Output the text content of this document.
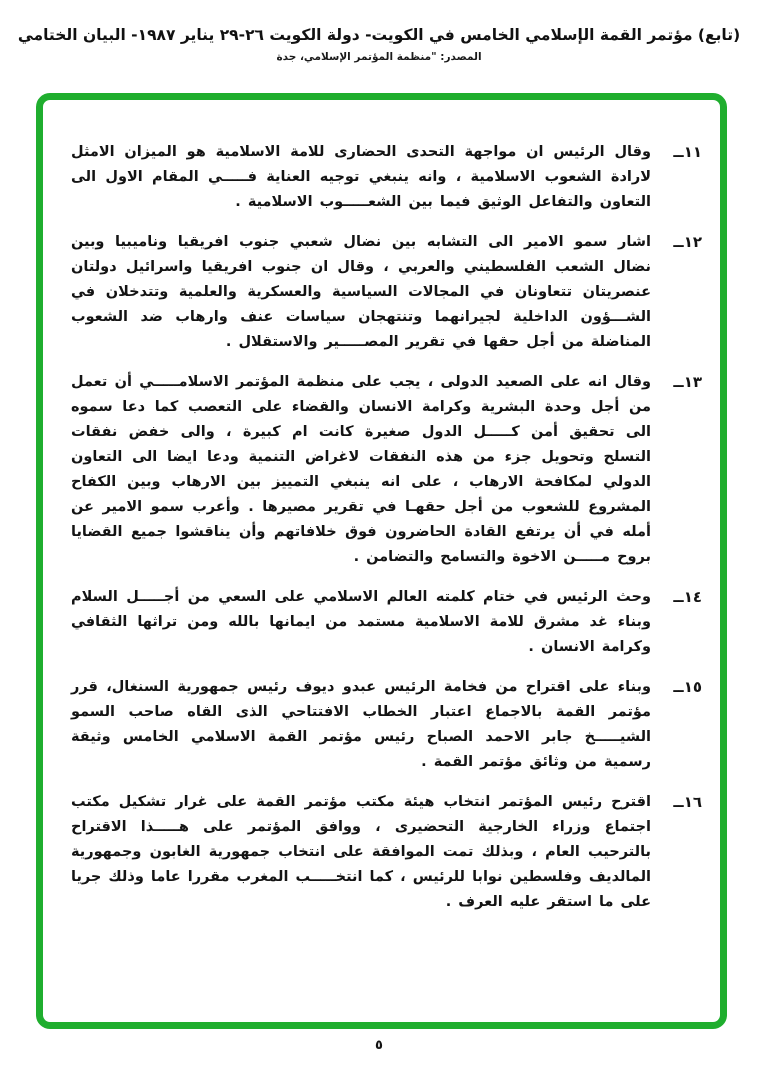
(تابع) مؤتمر القمة الإسلامي الخامس في الكويت- دولة الكويت ٢٦-٢٩ يناير ١٩٨٧- البيان الختامي
المصدر: "منظمة المؤتمر الإسلامي، جدة
١١ــ

وقال الرئيس ان مواجهة التحدى الحضارى للامة الاسلامية هو الميزان الامثل لارادة الشعوب الاسلامية ، وانه ينبغي توجيه العناية فـــــي المقام الاول الى التعاون والتفاعل الوثيق فيما بين الشعـــــوب الاسلامية .

١٢ــ

اشار سمو الامير الى التشابه بين نضال شعبي جنوب افريقيا وناميبيا وبين نضال الشعب الفلسطيني والعربي ، وقال ان جنوب افريقيا واسرائيل دولتان عنصريتان تتعاونان في المجالات السياسية والعسكرية والعلمية وتتدخلان في الشـــؤون الداخلية لجيرانهما وتنتهجان سياسات عنف وارهاب ضد الشعوب المناضلة من أجل حقها في تقرير المصـــــير والاستقلال .

١٣ــ

وقال انه على الصعيد الدولى ، يجب على منظمة المؤتمر الاسلامـــــي أن تعمل من أجل وحدة البشرية وكرامة الانسان والقضاء على التعصب كما دعا سموه الى تحقيق أمن كـــــل الدول صغيرة كانت ام كبيرة ، والى خفض نفقات التسلح وتحويل جزء من هذه النفقات لاغراض التنمية ودعا ايضا الى التعاون الدولي لمكافحة الارهاب ، على انه ينبغي التمييز بين الارهاب وبين الكفاح المشروع للشعوب من أجل حقهـا في تقرير مصيرها . وأعرب سمو الامير عن أمله في أن يرتفع القادة الحاضرون فوق خلافاتهم وأن يناقشوا جميع القضايا بروح مـــــن الاخوة والتسامح والتضامن .

١٤ــ

وحث الرئيس في ختام كلمته العالم الاسلامي على السعي من أجـــــل السلام وبناء غد مشرق للامة الاسلامية مستمد من ايمانها بالله ومن تراثها الثقافي وكرامة الانسان .

١٥ــ

وبناء على اقتراح من فخامة الرئيس عبدو ديوف رئيس جمهورية السنغال، قرر مؤتمر القمة بالاجماع اعتبار الخطاب الافتتاحي الذى القاه صاحب السمو الشيـــــخ جابر الاحمد الصباح رئيس مؤتمر القمة الاسلامي الخامس وثيقة رسمية من وثائق مؤتمر القمة .

١٦ــ

اقترح رئيس المؤتمر انتخاب هيئة مكتب مؤتمر القمة على غرار تشكيل مكتب اجتماع وزراء الخارجية التحضيرى ، ووافق المؤتمر على هـــــذا الاقتراح بالترحيب العام ، وبذلك تمت الموافقة على انتخاب جمهورية الغابون وجمهورية المالديف وفلسطين نوابا للرئيس ، كما انتخـــــب المغرب مقررا عاما وذلك جريا على ما استقر عليه العرف .

٥
